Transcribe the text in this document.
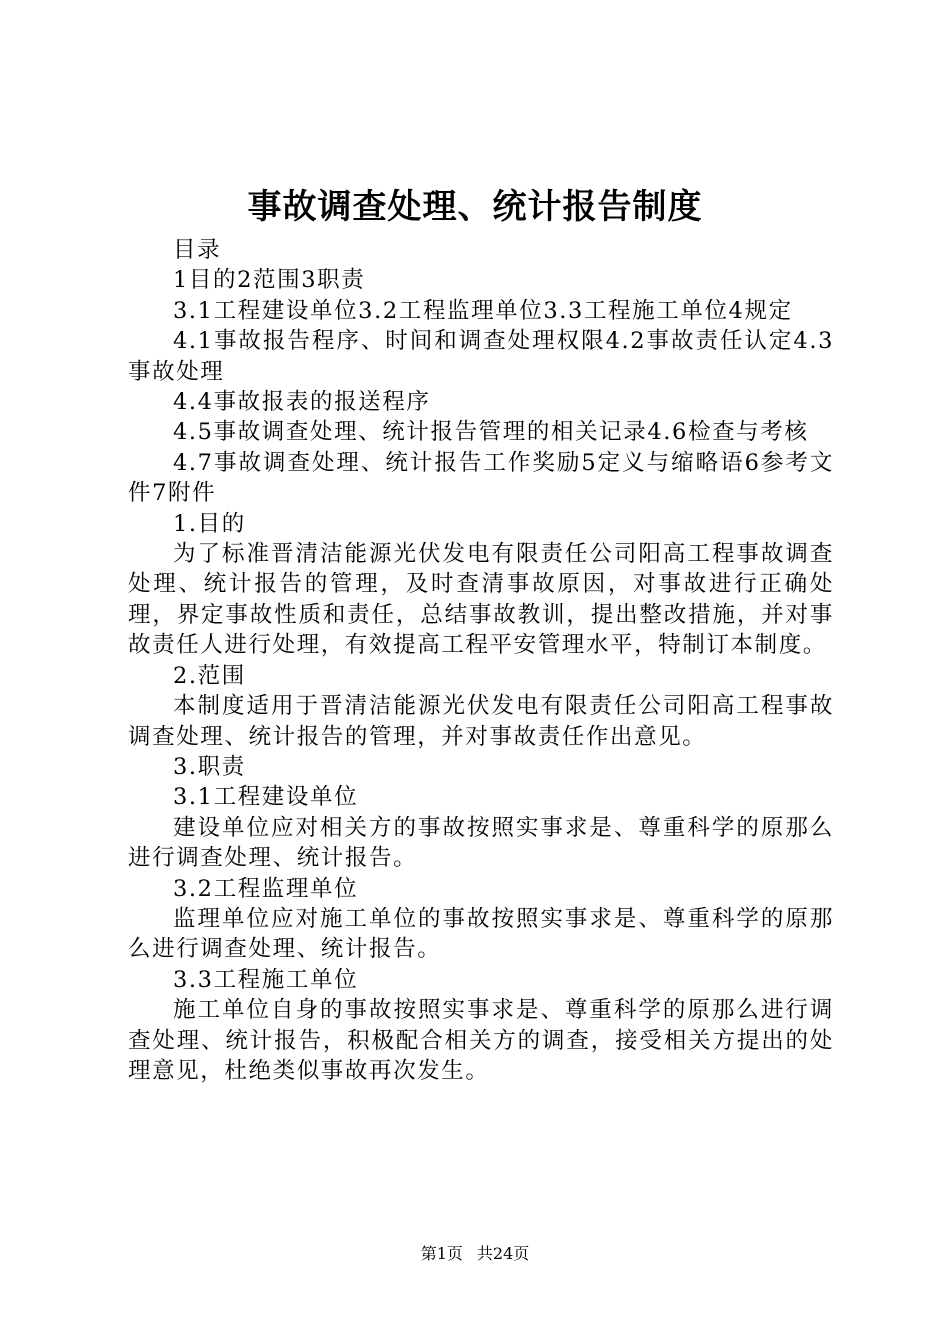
事故调查处理、统计报告制度

目录

1目的2范围3职责

3.1工程建设单位3.2工程监理单位3.3工程施工单位4规定

4.1事故报告程序、时间和调查处理权限4.2事故责任认定4.3事故处理

4.4事故报表的报送程序

4.5事故调查处理、统计报告管理的相关记录4.6检查与考核

4.7事故调查处理、统计报告工作奖励5定义与缩略语6参考文件7附件

1.目的

为了标准晋清洁能源光伏发电有限责任公司阳高工程事故调查处理、统计报告的管理，及时查清事故原因，对事故进行正确处理，界定事故性质和责任，总结事故教训，提出整改措施，并对事故责任人进行处理，有效提高工程平安管理水平，特制订本制度。

2.范围

本制度适用于晋清洁能源光伏发电有限责任公司阳高工程事故调查处理、统计报告的管理，并对事故责任作出意见。

3.职责

3.1工程建设单位

建设单位应对相关方的事故按照实事求是、尊重科学的原那么进行调查处理、统计报告。

3.2工程监理单位

监理单位应对施工单位的事故按照实事求是、尊重科学的原那么进行调查处理、统计报告。

3.3工程施工单位

施工单位自身的事故按照实事求是、尊重科学的原那么进行调查处理、统计报告，积极配合相关方的调查，接受相关方提出的处理意见，杜绝类似事故再次发生。

第1页 共24页
